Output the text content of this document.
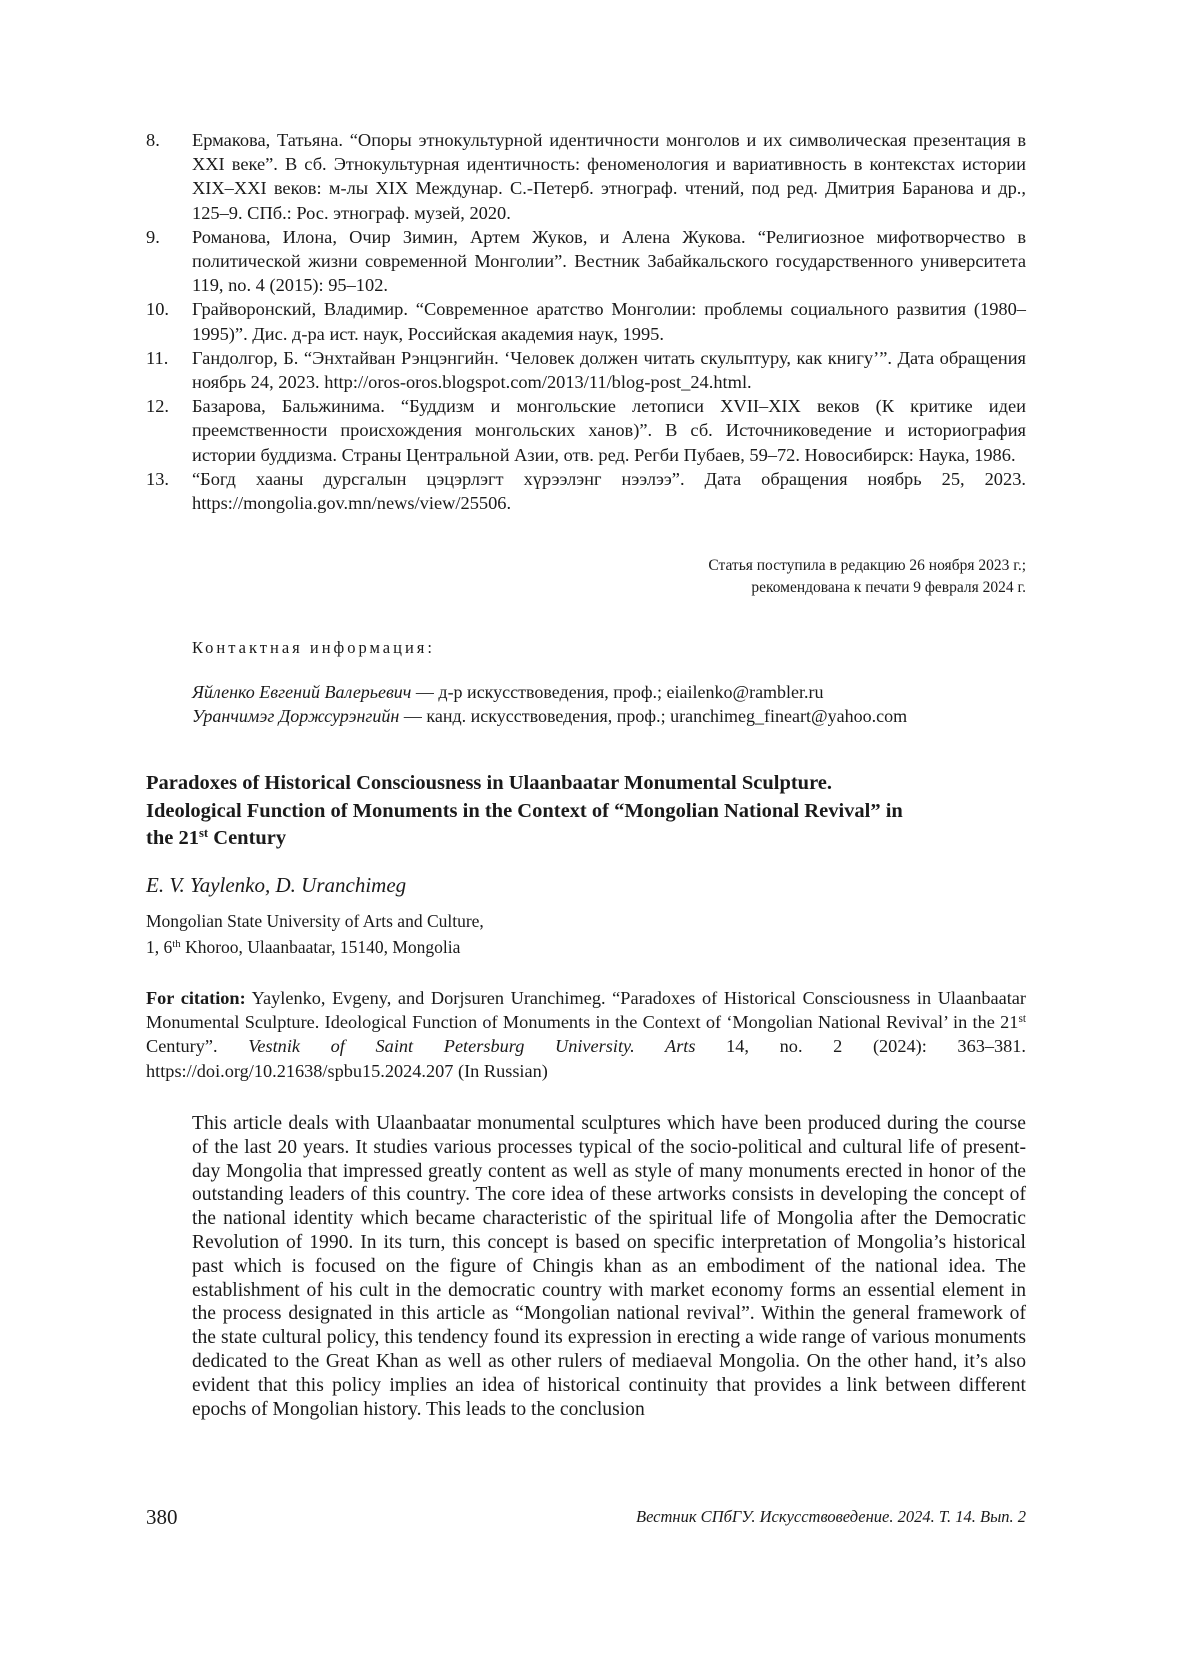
8.	Ермакова, Татьяна. “Опоры этнокультурной идентичности монголов и их символическая презентация в XXI веке”. В сб. Этнокультурная идентичность: феноменология и вариативность в контекстах истории XIX–XXI веков: м-лы XIX Междунар. С.-Петерб. этнограф. чтений, под ред. Дмитрия Баранова и др., 125–9. СПб.: Рос. этнограф. музей, 2020.
9.	Романова, Илона, Очир Зимин, Артем Жуков, и Алена Жукова. “Религиозное мифотворчество в политической жизни современной Монголии”. Вестник Забайкальского государственного университета 119, no. 4 (2015): 95–102.
10.	Грайворонский, Владимир. “Современное аратство Монголии: проблемы социального развития (1980–1995)”. Дис. д-ра ист. наук, Российская академия наук, 1995.
11.	Гандолгор, Б. “Энхтайван Рэнцэнгийн. ‘Человек должен читать скульптуру, как книгу’”. Дата обращения ноябрь 24, 2023. http://oros-oros.blogspot.com/2013/11/blog-post_24.html.
12.	Базарова, Бальжинима. “Буддизм и монгольские летописи XVII–XIX веков (К критике идеи преемственности происхождения монгольских ханов)”. В сб. Источниковедение и историография истории буддизма. Страны Центральной Азии, отв. ред. Регби Пубаев, 59–72. Новосибирск: Наука, 1986.
13.	“Богд хааны дурсгалын цэцэрлэгт хүрээлэнг нээлээ”. Дата обращения ноябрь 25, 2023. https://mongolia.gov.mn/news/view/25506.
Статья поступила в редакцию 26 ноября 2023 г.;
рекомендована к печати 9 февраля 2024 г.
Контактная информация:
Яйленко Евгений Валерьевич — д-р искусствоведения, проф.; eiailenko@rambler.ru
Уранчимэг Доржсурэнгийн — канд. искусствоведения, проф.; uranchimeg_fineart@yahoo.com
Paradoxes of Historical Consciousness in Ulaanbaatar Monumental Sculpture.
Ideological Function of Monuments in the Context of “Mongolian National Revival” in
the 21st Century
E. V. Yaylenko, D. Uranchimeg
Mongolian State University of Arts and Culture,
1, 6th Khoroo, Ulaanbaatar, 15140, Mongolia
For citation: Yaylenko, Evgeny, and Dorjsuren Uranchimeg. “Paradoxes of Historical Consciousness in Ulaanbaatar Monumental Sculpture. Ideological Function of Monuments in the Context of ‘Mongolian National Revival’ in the 21st Century”. Vestnik of Saint Petersburg University. Arts 14, no. 2 (2024): 363–381. https://doi.org/10.21638/spbu15.2024.207 (In Russian)
This article deals with Ulaanbaatar monumental sculptures which have been produced during the course of the last 20 years. It studies various processes typical of the socio-political and cultural life of present-day Mongolia that impressed greatly content as well as style of many monuments erected in honor of the outstanding leaders of this country. The core idea of these artworks consists in developing the concept of the national identity which became characteristic of the spiritual life of Mongolia after the Democratic Revolution of 1990. In its turn, this concept is based on specific interpretation of Mongolia’s historical past which is focused on the figure of Chingis khan as an embodiment of the national idea. The establishment of his cult in the democratic country with market economy forms an essential element in the process designated in this article as “Mongolian national revival”. Within the general framework of the state cultural policy, this tendency found its expression in erecting a wide range of various monuments dedicated to the Great Khan as well as other rulers of mediaeval Mongolia. On the other hand, it’s also evident that this policy implies an idea of historical continuity that provides a link between different epochs of Mongolian history. This leads to the conclusion
380	Вестник СПбГУ. Искусствоведение. 2024. Т. 14. Вып. 2
